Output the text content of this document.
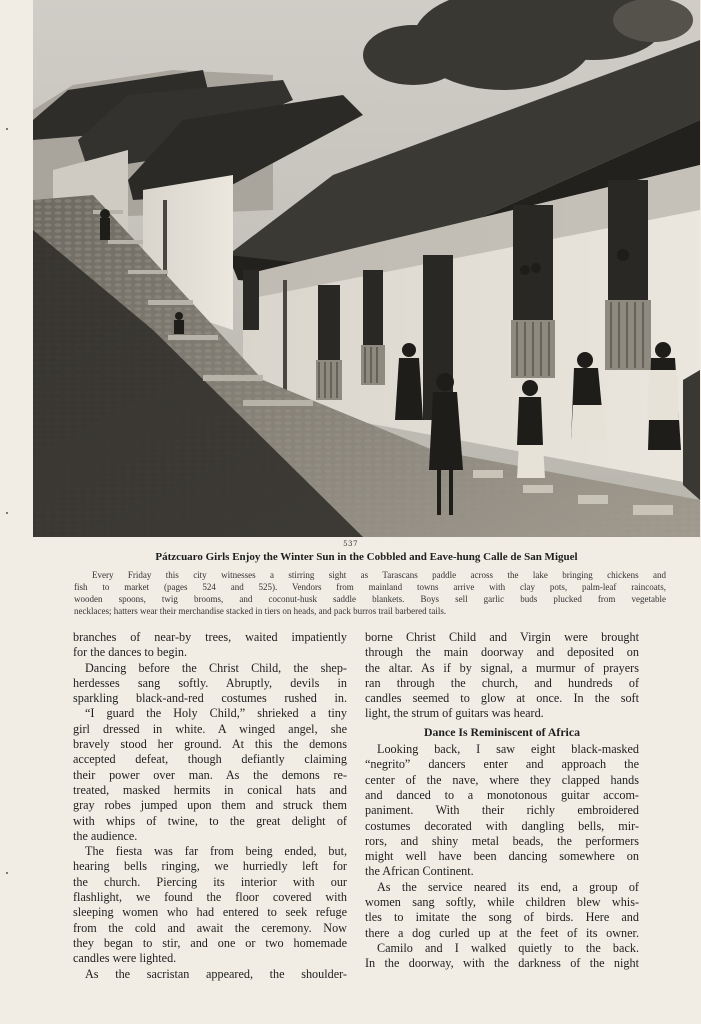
537
Pátzcuaro Girls Enjoy the Winter Sun in the Cobbled and Eave-hung Calle de San Miguel
Every Friday this city witnesses a stirring sight as Tarascans paddle across the lake bringing chickens and
fish to market (pages 524 and 525). Vendors from mainland towns arrive with clay pots, palm-leaf raincoats,
wooden spoons, twig brooms, and coconut-husk saddle blankets. Boys sell garlic buds plucked from vegetable
necklaces; hatters wear their merchandise stacked in tiers on heads, and pack burros trail barbered tails.
branches of near-by trees, waited impatiently
for the dances to begin.
Dancing before the Christ Child, the shep-
herdesses sang softly. Abruptly, devils in
sparkling black-and-red costumes rushed in.
“I guard the Holy Child,” shrieked a tiny
girl dressed in white. A winged angel, she
bravely stood her ground. At this the demons
accepted defeat, though defiantly claiming
their power over man. As the demons re-
treated, masked hermits in conical hats and
gray robes jumped upon them and struck them
with whips of twine, to the great delight of
the audience.
The fiesta was far from being ended, but,
hearing bells ringing, we hurriedly left for
the church. Piercing its interior with our
flashlight, we found the floor covered with
sleeping women who had entered to seek refuge
from the cold and await the ceremony. Now
they began to stir, and one or two homemade
candles were lighted.
As the sacristan appeared, the shoulder-
borne Christ Child and Virgin were brought
through the main doorway and deposited on
the altar. As if by signal, a murmur of prayers
ran through the church, and hundreds of
candles seemed to glow at once. In the soft
light, the strum of guitars was heard.
Dance Is Reminiscent of Africa
Looking back, I saw eight black-masked
“negrito” dancers enter and approach the
center of the nave, where they clapped hands
and danced to a monotonous guitar accom-
paniment. With their richly embroidered
costumes decorated with dangling bells, mir-
rors, and shiny metal beads, the performers
might well have been dancing somewhere on
the African Continent.
As the service neared its end, a group of
women sang softly, while children blew whis-
tles to imitate the song of birds. Here and
there a dog curled up at the feet of its owner.
Camilo and I walked quietly to the back.
In the doorway, with the darkness of the night
